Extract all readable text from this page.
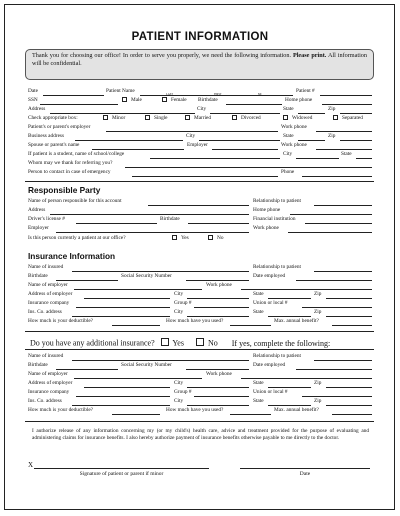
PATIENT INFORMATION
Thank you for choosing our office! In order to serve you properly, we need the following information. Please print. All information will be confidential.
Date	Patient Name	Patient #
LAST	FIRST	MI
SSN	Male	Female Birthdate	Home phone
Address	City	State	Zip
Check appropriate box:	Minor	Single	Married	Divorced	Widowed	Separated
Patient's or parent's employer	Work phone
Business address	City	State	Zip
Spouse or parent's name	Employer	Work phone
If patient is a student, name of school/college	City	State
Whom may we thank for referring you?
Person to contact in case of emergency	Phone
Responsible Party
Name of person responsible for this account	Relationship to patient
Address	Home phone
Driver's license #	Birthdate	Financial institution
Employer	Work phone
Is this person currently a patient at our office?	Yes	No
Insurance Information
Name of insured	Relationship to patient
Birthdate	Social Security Number	Date employed
Name of employer	Work phone
Address of employer	City	State	Zip
Insurance company	Group #	Union or local #
Ins. Co. address	City	State	Zip
How much is your deductible?	How much have you used?	Max. annual benefit?
Do you have any additional insurance? Yes	No If yes, complete the following:
Name of insured	Relationship to patient
Birthdate	Social Security Number	Date employed
Name of employer	Work phone
Address of employer	City	State	Zip
Insurance company	Group #	Union or local #
Ins. Co. address	City	State	Zip
How much is your deductible?	How much have you used?	Max. annual benefit?
I authorize release of any information concerning my (or my child's) health care, advice and treatment provided for the purpose of evaluating and administering claims for insurance benefits. I also hereby authorize payment of insurance benefits otherwise payable to me directly to the doctor.
X
Signature of patient or parent if minor	Date
